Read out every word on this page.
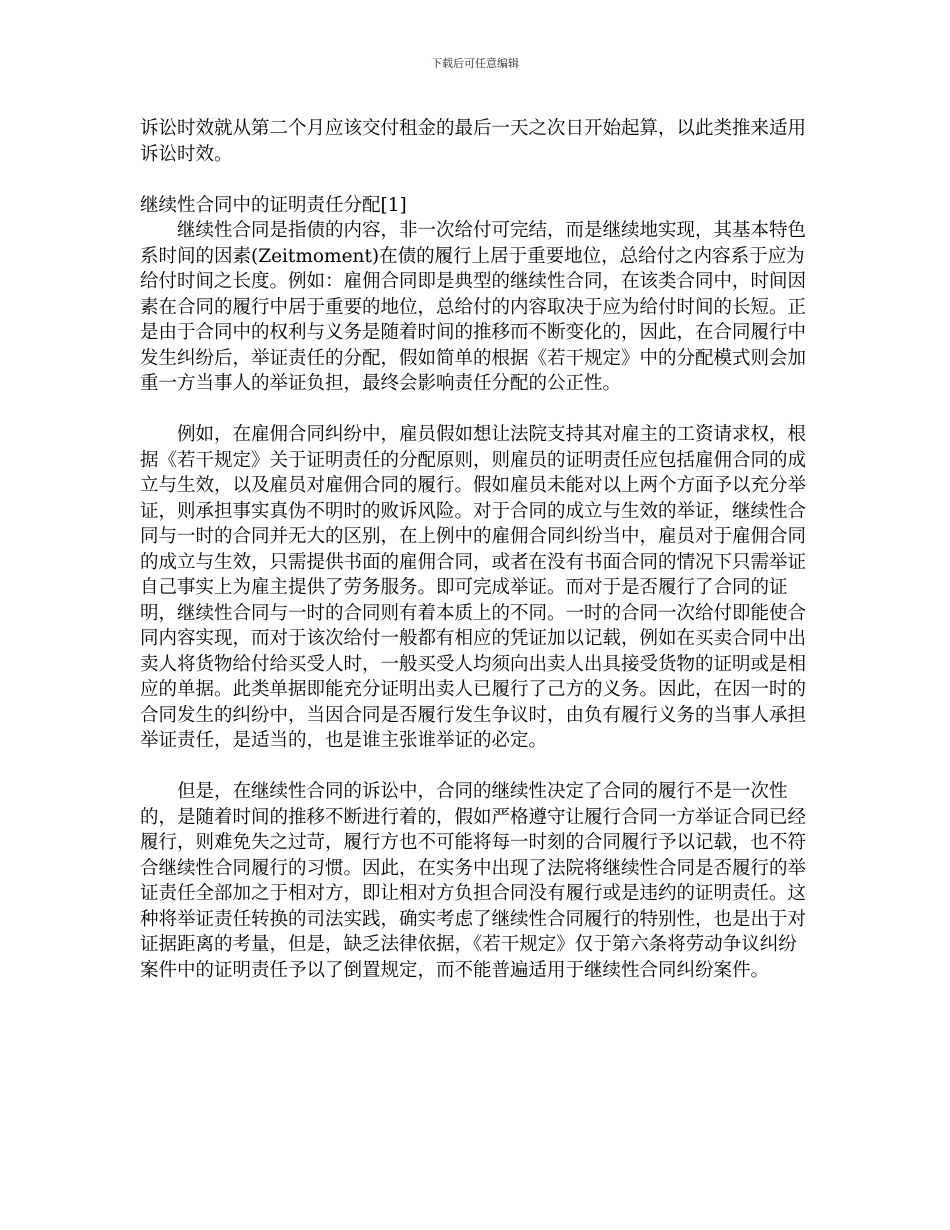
下载后可任意编辑

诉讼时效就从第二个月应该交付租金的最后一天之次日开始起算，以此类推来适用诉讼时效。

继续性合同中的证明责任分配[1]

继续性合同是指债的内容，非一次给付可完结，而是继续地实现，其基本特色系时间的因素(Zeitmoment)在债的履行上居于重要地位，总给付之内容系于应为给付时间之长度。例如：雇佣合同即是典型的继续性合同，在该类合同中，时间因素在合同的履行中居于重要的地位，总给付的内容取决于应为给付时间的长短。正是由于合同中的权利与义务是随着时间的推移而不断变化的，因此，在合同履行中发生纠纷后，举证责任的分配，假如简单的根据《若干规定》中的分配模式则会加重一方当事人的举证负担，最终会影响责任分配的公正性。

例如，在雇佣合同纠纷中，雇员假如想让法院支持其对雇主的工资请求权，根据《若干规定》关于证明责任的分配原则，则雇员的证明责任应包括雇佣合同的成立与生效，以及雇员对雇佣合同的履行。假如雇员未能对以上两个方面予以充分举证，则承担事实真伪不明时的败诉风险。对于合同的成立与生效的举证，继续性合同与一时的合同并无大的区别，在上例中的雇佣合同纠纷当中，雇员对于雇佣合同的成立与生效，只需提供书面的雇佣合同，或者在没有书面合同的情况下只需举证自己事实上为雇主提供了劳务服务。即可完成举证。而对于是否履行了合同的证明，继续性合同与一时的合同则有着本质上的不同。一时的合同一次给付即能使合同内容实现，而对于该次给付一般都有相应的凭证加以记载，例如在买卖合同中出卖人将货物给付给买受人时，一般买受人均须向出卖人出具接受货物的证明或是相应的单据。此类单据即能充分证明出卖人已履行了己方的义务。因此，在因一时的合同发生的纠纷中，当因合同是否履行发生争议时，由负有履行义务的当事人承担举证责任，是适当的，也是谁主张谁举证的必定。

但是，在继续性合同的诉讼中，合同的继续性决定了合同的履行不是一次性的，是随着时间的推移不断进行着的，假如严格遵守让履行合同一方举证合同已经履行，则难免失之过苛，履行方也不可能将每一时刻的合同履行予以记载，也不符合继续性合同履行的习惯。因此，在实务中出现了法院将继续性合同是否履行的举证责任全部加之于相对方，即让相对方负担合同没有履行或是违约的证明责任。这种将举证责任转换的司法实践，确实考虑了继续性合同履行的特别性，也是出于对证据距离的考量，但是，缺乏法律依据，《若干规定》仅于第六条将劳动争议纠纷案件中的证明责任予以了倒置规定，而不能普遍适用于继续性合同纠纷案件。
